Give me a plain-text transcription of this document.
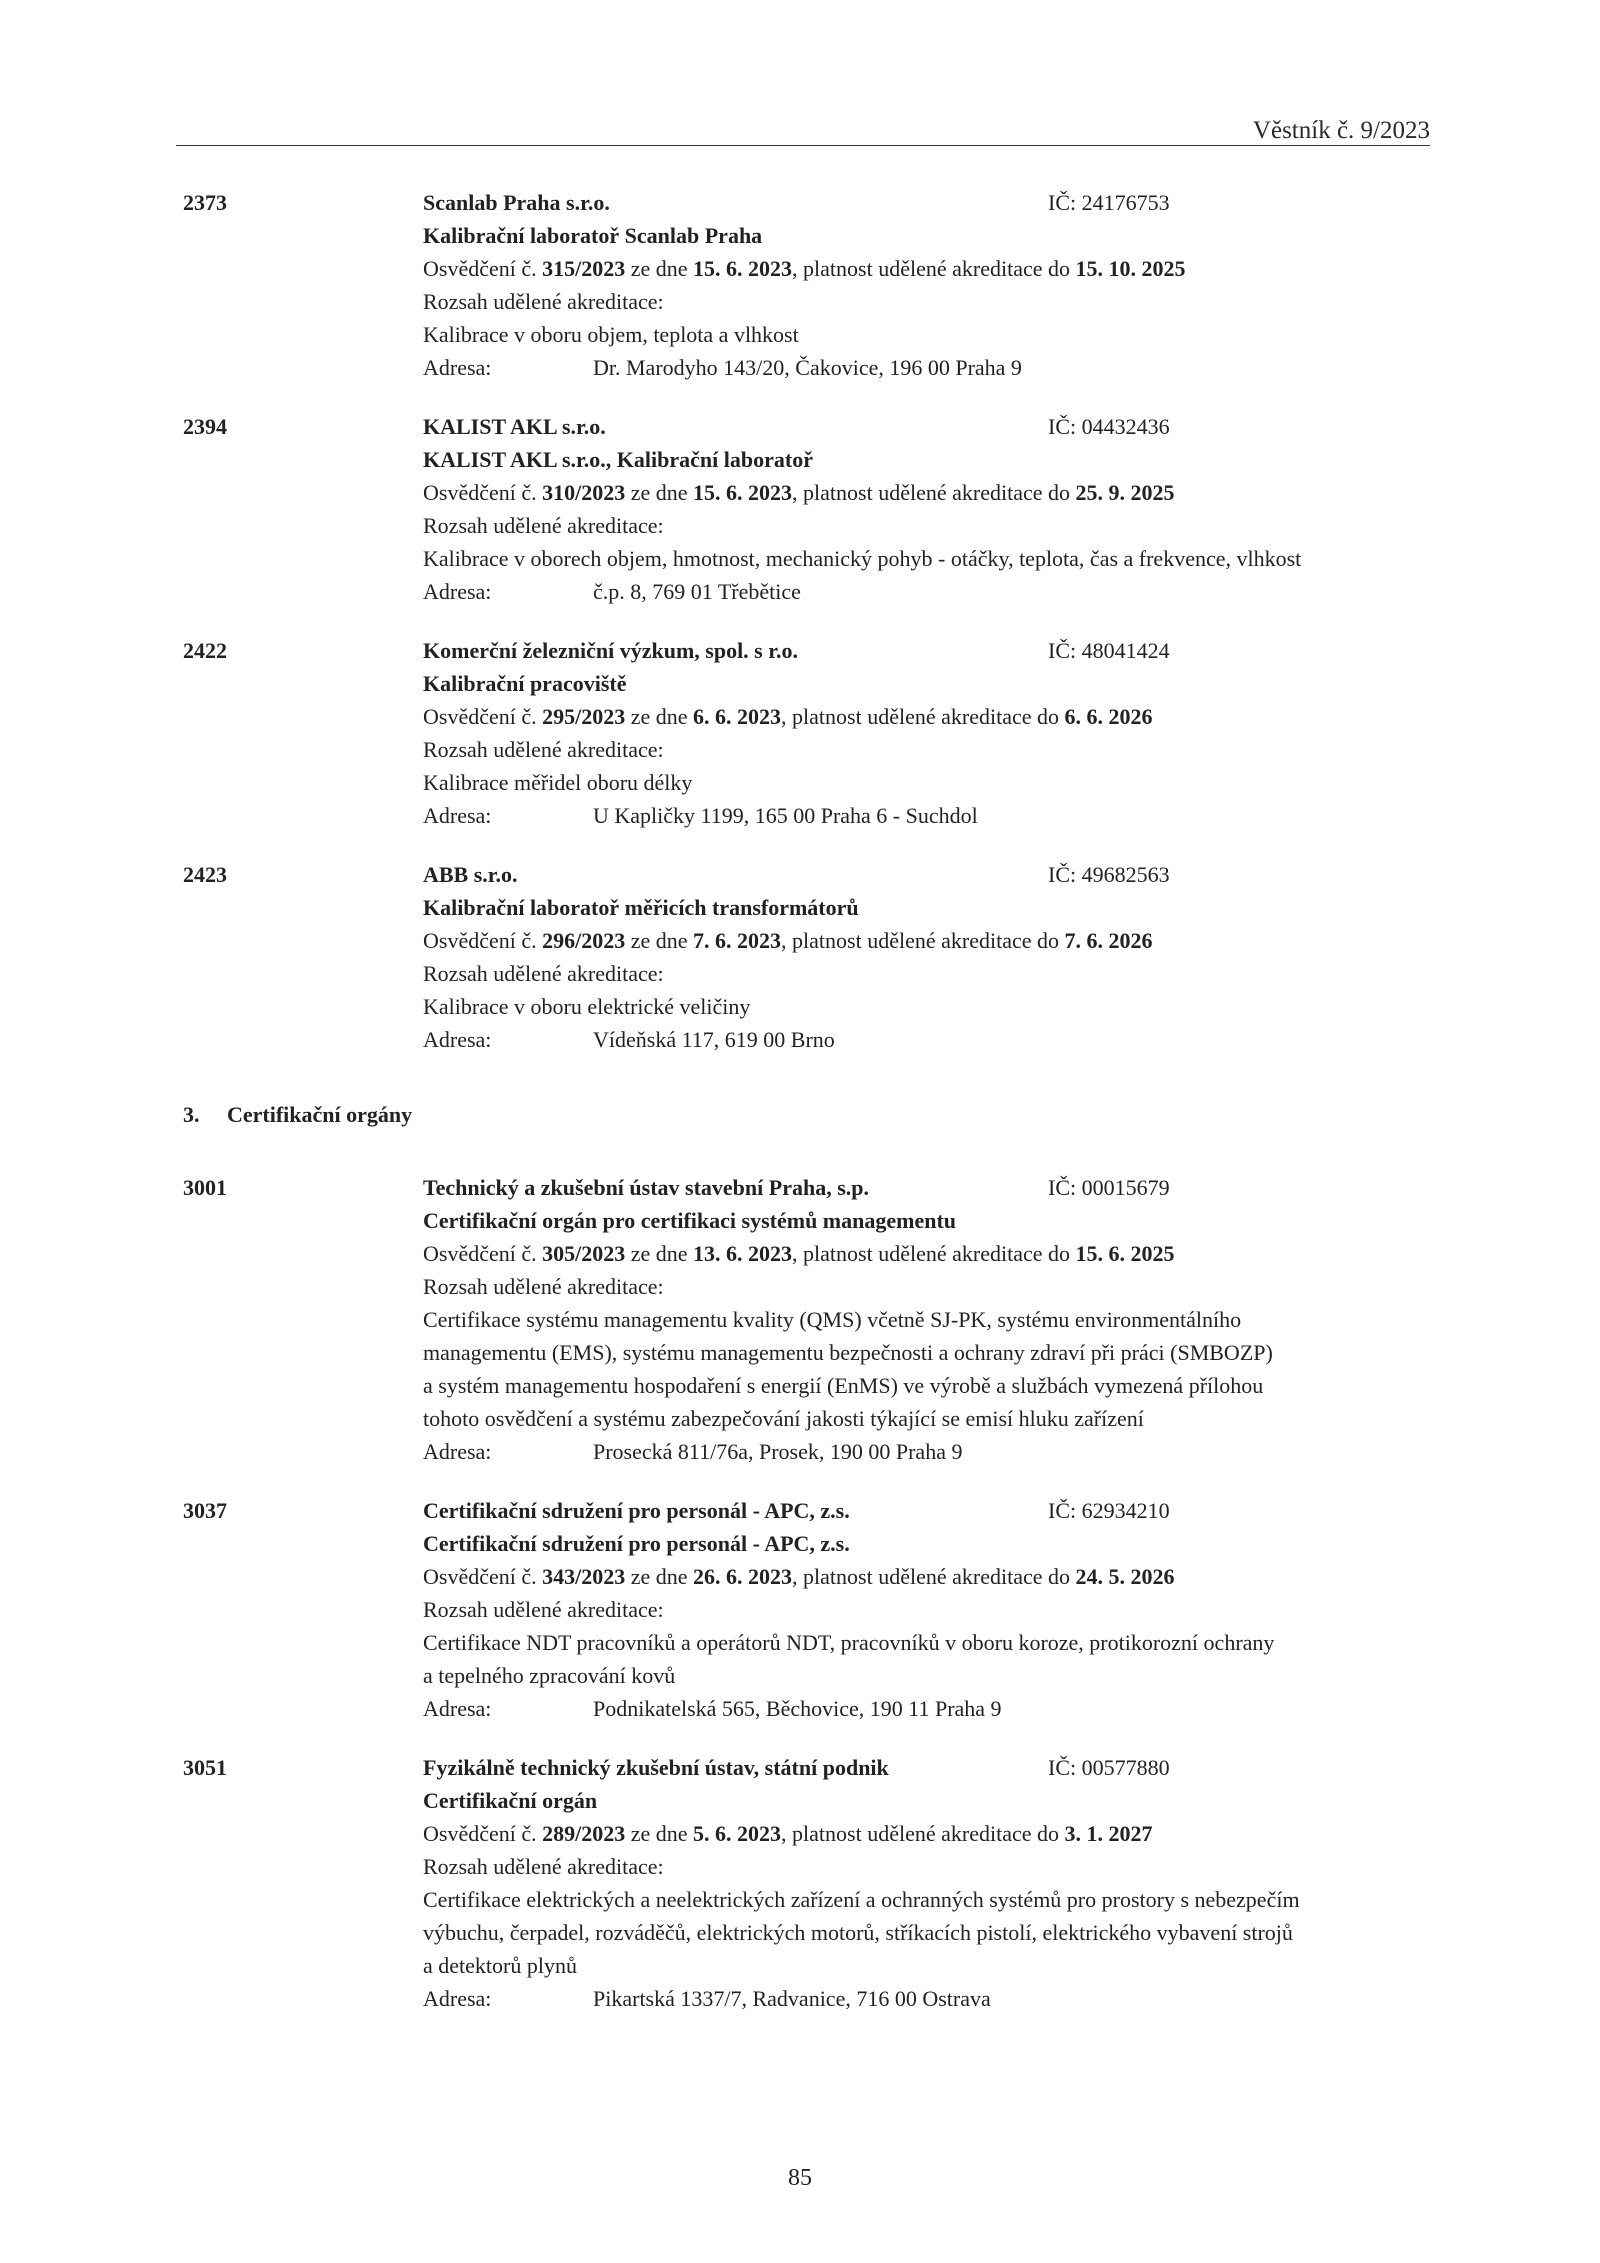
Věstník č. 9/2023
2373	Scanlab Praha s.r.o.	IČ: 24176753
Kalibrační laboratoř Scanlab Praha
Osvědčení č. 315/2023 ze dne 15. 6. 2023, platnost udělené akreditace do 15. 10. 2025
Rozsah udělené akreditace:
Kalibrace v oboru objem, teplota a vlhkost
Adresa:	Dr. Marodyho 143/20, Čakovice, 196 00 Praha 9
2394	KALIST AKL s.r.o.	IČ: 04432436
KALIST AKL s.r.o., Kalibrační laboratoř
Osvědčení č. 310/2023 ze dne 15. 6. 2023, platnost udělené akreditace do 25. 9. 2025
Rozsah udělené akreditace:
Kalibrace v oborech objem, hmotnost, mechanický pohyb - otáčky, teplota, čas a frekvence, vlhkost
Adresa:	č.p. 8, 769 01 Třebětice
2422	Komerční železniční výzkum, spol. s r.o.	IČ: 48041424
Kalibrační pracoviště
Osvědčení č. 295/2023 ze dne 6. 6. 2023, platnost udělené akreditace do 6. 6. 2026
Rozsah udělené akreditace:
Kalibrace měřidel oboru délky
Adresa:	U Kapličky 1199, 165 00 Praha 6 - Suchdol
2423	ABB s.r.o.	IČ: 49682563
Kalibrační laboratoř měřicích transformátorů
Osvědčení č. 296/2023 ze dne 7. 6. 2023, platnost udělené akreditace do 7. 6. 2026
Rozsah udělené akreditace:
Kalibrace v oboru elektrické veličiny
Adresa:	Vídeňská 117, 619 00 Brno
3. Certifikační orgány
3001	Technický a zkušební ústav stavební Praha, s.p.	IČ: 00015679
Certifikační orgán pro certifikaci systémů managementu
Osvědčení č. 305/2023 ze dne 13. 6. 2023, platnost udělené akreditace do 15. 6. 2025
Rozsah udělené akreditace:
Certifikace systému managementu kvality (QMS) včetně SJ-PK, systému environmentálního
managementu (EMS), systému managementu bezpečnosti a ochrany zdraví při práci (SMBOZP)
a systém managementu hospodaření s energií (EnMS) ve výrobě a službách vymezená přílohou
tohoto osvědčení a systému zabezpečování jakosti týkající se emisí hluku zařízení
Adresa:	Prosecká 811/76a, Prosek, 190 00 Praha 9
3037	Certifikační sdružení pro personál - APC, z.s.	IČ: 62934210
Certifikační sdružení pro personál - APC, z.s.
Osvědčení č. 343/2023 ze dne 26. 6. 2023, platnost udělené akreditace do 24. 5. 2026
Rozsah udělené akreditace:
Certifikace NDT pracovníků a operátorů NDT, pracovníků v oboru koroze, protikorozní ochrany
a tepelného zpracování kovů
Adresa:	Podnikatelská 565, Běchovice, 190 11 Praha 9
3051	Fyzikálně technický zkušební ústav, státní podnik	IČ: 00577880
Certifikační orgán
Osvědčení č. 289/2023 ze dne 5. 6. 2023, platnost udělené akreditace do 3. 1. 2027
Rozsah udělené akreditace:
Certifikace elektrických a neelektrických zařízení a ochranných systémů pro prostory s nebezpečím
výbuchu, čerpadel, rozváděčů, elektrických motorů, stříkacích pistolí, elektrického vybavení strojů
a detektorů plynů
Adresa:	Pikartská 1337/7, Radvanice, 716 00 Ostrava
85
